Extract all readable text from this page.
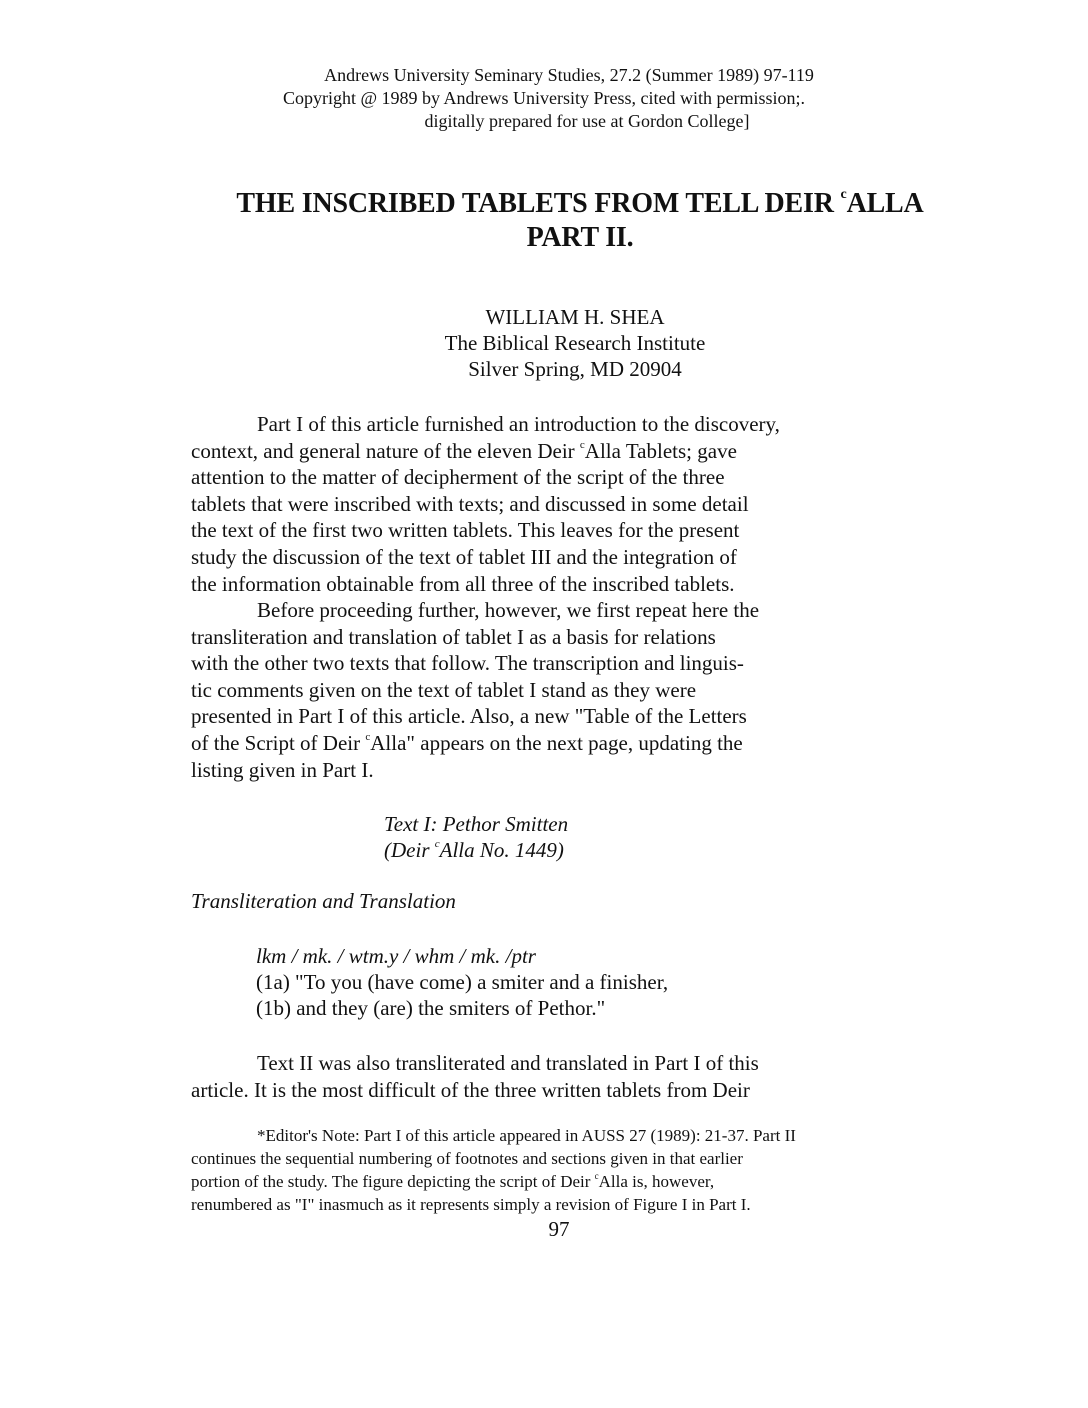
Andrews University Seminary Studies, 27.2 (Summer 1989) 97-119
Copyright @ 1989 by Andrews University Press, cited with permission;.
digitally prepared for use at Gordon College]
THE INSCRIBED TABLETS FROM TELL DEIR $^c$ALLA
PART II.
WILLIAM H. SHEA
The Biblical Research Institute
Silver Spring, MD 20904
Part I of this article furnished an introduction to the discovery,
context, and general nature of the eleven Deir $^c$Alla Tablets; gave
attention to the matter of decipherment of the script of the three
tablets that were inscribed with texts; and discussed in some detail
the text of the first two written tablets. This leaves for the present
study the discussion of the text of tablet III and the integration of
the information obtainable from all three of the inscribed tablets.
Before proceeding further, however, we first repeat here the
transliteration and translation of tablet I as a basis for relations
with the other two texts that follow. The transcription and linguis-
tic comments given on the text of tablet I stand as they were
presented in Part I of this article. Also, a new "Table of the Letters
of the Script of Deir $^c$Alla" appears on the next page, updating the
listing given in Part I.
Text I: Pethor Smitten
(Deir $^c$Alla No. 1449)
Transliteration and Translation
lkm / mk. / wtm.y / whm / mk. /ptr
(1a) "To you (have come) a smiter and a finisher,
(1b) and they (are) the smiters of Pethor."
Text II was also transliterated and translated in Part I of this
article. It is the most difficult of the three written tablets from Deir
*Editor's Note: Part I of this article appeared in AUSS 27 (1989): 21-37. Part II
continues the sequential numbering of footnotes and sections given in that earlier
portion of the study. The figure depicting the script of Deir $^c$Alla is, however,
renumbered as "I" inasmuch as it represents simply a revision of Figure I in Part I.
97
